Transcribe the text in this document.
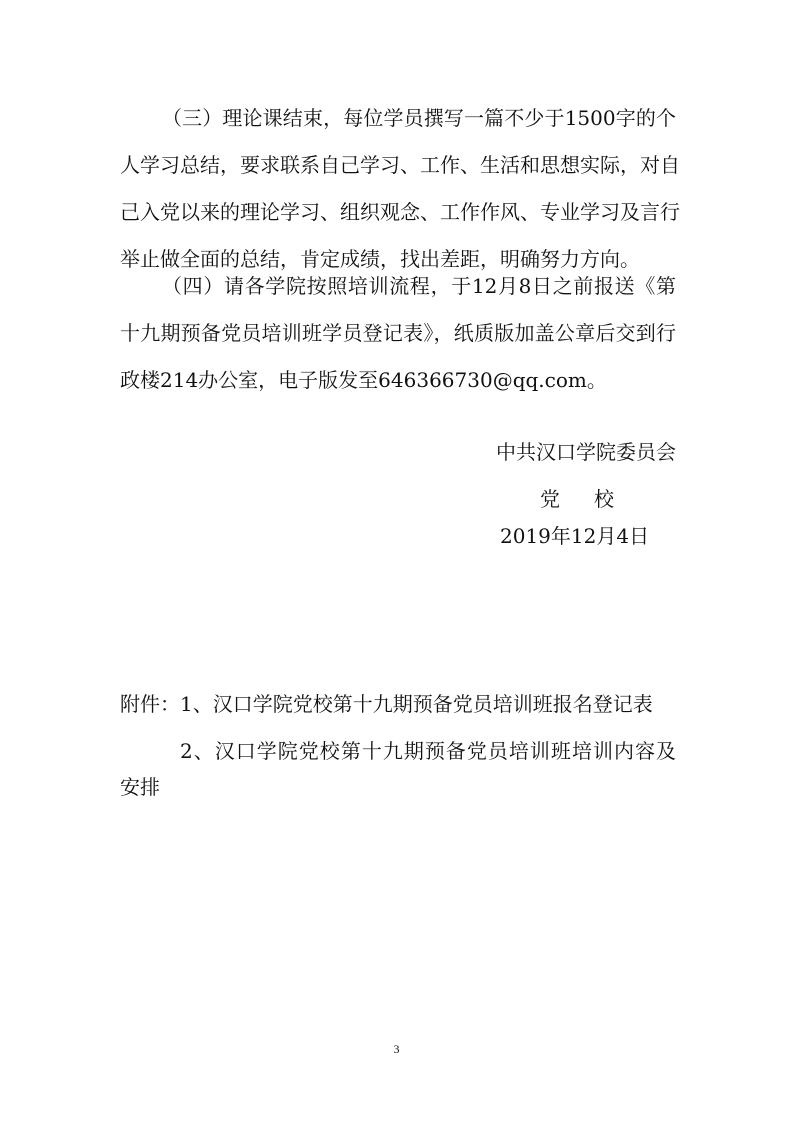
（三）理论课结束，每位学员撰写一篇不少于1500字的个
人学习总结，要求联系自己学习、工作、生活和思想实际，对自
己入党以来的理论学习、组织观念、工作作风、专业学习及言行
举止做全面的总结，肯定成绩，找出差距，明确努力方向。
（四）请各学院按照培训流程，于12月8日之前报送《第
十九期预备党员培训班学员登记表》，纸质版加盖公章后交到行
政楼214办公室，电子版发至646366730@qq.com。
中共汉口学院委员会
党 校
2019年12月4日
附件：1、汉口学院党校第十九期预备党员培训班报名登记表
2、汉口学院党校第十九期预备党员培训班培训内容及
安排
3
